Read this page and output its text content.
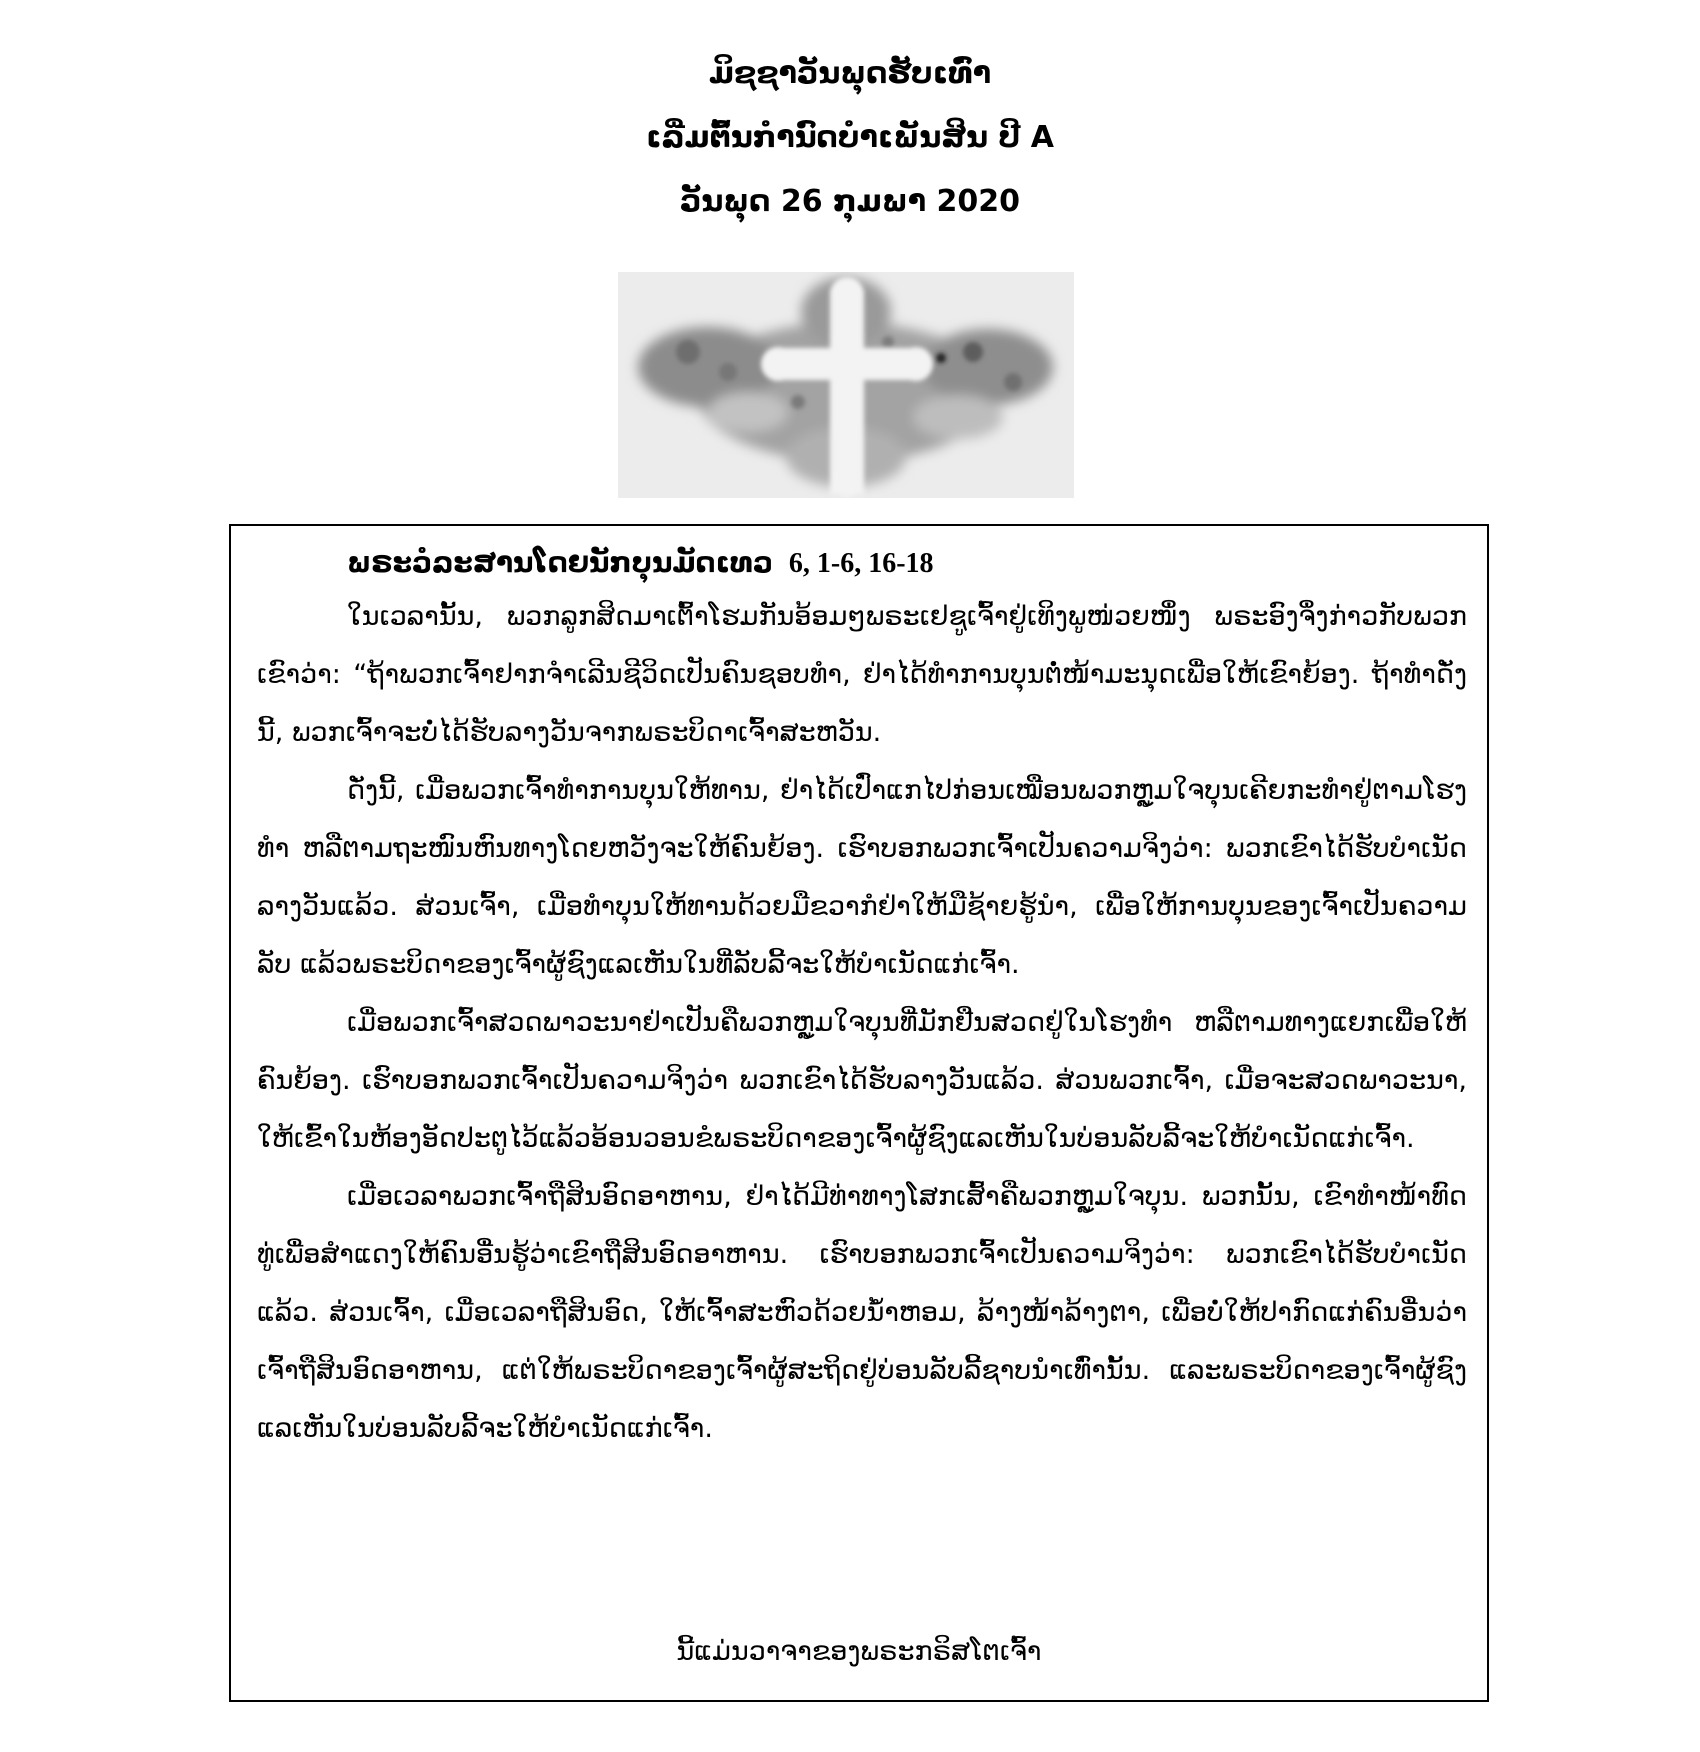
ມິຊຊາວັນພຸດຮັບເທົ່າ
ເລີ່ມຕົ້ນກໍານົດບໍາເພັນສິນ ປີ A
ວັນພຸດ 26 ກຸມພາ 2020
ພຣະວໍລະສານໂດຍນັກບຸນມັດເທວ 6, 1-6, 16-18

ໃນເວລານັ້ນ, ພວກລູກສິດມາເຕົ້າໂຮມກັນອ້ອມໆພຣະເຢຊູເຈົ້າຢູ່ເທິງພູໜ່ວຍໜຶ່ງ ພຣະອົງຈຶ່ງກ່າວກັບພວກເຂົາວ່າ: “ຖ້າພວກເຈົ້າຢາກຈໍາເລີນຊີວິດເປັນຄົນຊອບທໍາ, ຢ່າໄດ້ທໍາການບຸນຕໍ່ໜ້າມະນຸດເພື່ອໃຫ້ເຂົາຍ້ອງ. ຖ້າທໍາດັ່ງນີ້, ພວກເຈົ້າຈະບໍ່ໄດ້ຮັບລາງວັນຈາກພຣະບິດາເຈົ້າສະຫວັນ.

ດັ່ງນີ້, ເມື່ອພວກເຈົ້າທໍາການບຸນໃຫ້ທານ, ຢ່າໄດ້ເປົ່າແກໄປກ່ອນເໝືອນພວກຫຼູມໃຈບຸນເຄີຍກະທໍາຢູ່ຕາມໂຮງທໍາ ຫລືຕາມຖະໜົນຫົນທາງໂດຍຫວັງຈະໃຫ້ຄົນຍ້ອງ. ເຮົາບອກພວກເຈົ້າເປັນຄວາມຈິງວ່າ: ພວກເຂົາໄດ້ຮັບບໍາເນັດລາງວັນແລ້ວ. ສ່ວນເຈົ້າ, ເມື່ອທໍາບຸນໃຫ້ທານດ້ວຍມືຂວາກໍຢ່າໃຫ້ມືຊ້າຍຮູ້ນໍາ, ເພື່ອໃຫ້ການບຸນຂອງເຈົ້າເປັນຄວາມລັບ ແລ້ວພຣະບິດາຂອງເຈົ້າຜູ້ຊົງແລເຫັນໃນທີ່ລັບລີ້ຈະໃຫ້ບໍາເນັດແກ່ເຈົ້າ.

ເມື່ອພວກເຈົ້າສວດພາວະນາຢ່າເປັນຄືພວກຫຼູມໃຈບຸນທີ່ມັກຢືນສວດຢູ່ໃນໂຮງທໍາ ຫລືຕາມທາງແຍກເພື່ອໃຫ້ຄົນຍ້ອງ. ເຮົາບອກພວກເຈົ້າເປັນຄວາມຈິງວ່າ ພວກເຂົາໄດ້ຮັບລາງວັນແລ້ວ. ສ່ວນພວກເຈົ້າ, ເມື່ອຈະສວດພາວະນາ, ໃຫ້ເຂົ້າໃນຫ້ອງອັດປະຕູໄວ້ແລ້ວອ້ອນວອນຂໍພຣະບິດາຂອງເຈົ້າຜູ້ຊົງແລເຫັນໃນບ່ອນລັບລີ້ຈະໃຫ້ບໍາເນັດແກ່ເຈົ້າ.

ເມື່ອເວລາພວກເຈົ້າຖືສິນອົດອາຫານ, ຢ່າໄດ້ມີທ່າທາງໂສກເສົ້າຄືພວກຫຼູມໃຈບຸນ. ພວກນັ້ນ, ເຂົາທໍາໜ້າທົດທູ່ເພື່ອສໍາແດງໃຫ້ຄົນອື່ນຮູ້ວ່າເຂົາຖືສິນອົດອາຫານ. ເຮົາບອກພວກເຈົ້າເປັນຄວາມຈິງວ່າ: ພວກເຂົາໄດ້ຮັບບໍາເນັດແລ້ວ. ສ່ວນເຈົ້າ, ເມື່ອເວລາຖືສິນອົດ, ໃຫ້ເຈົ້າສະຫົວດ້ວຍນໍ້າຫອມ, ລ້າງໜ້າລ້າງຕາ, ເພື່ອບໍ່ໃຫ້ປາກົດແກ່ຄົນອື່ນວ່າເຈົ້າຖືສິນອົດອາຫານ, ແຕ່ໃຫ້ພຣະບິດາຂອງເຈົ້າຜູ້ສະຖິດຢູ່ບ່ອນລັບລີ້ຊາບນໍາເທົ່ານັ້ນ. ແລະພຣະບິດາຂອງເຈົ້າຜູ້ຊົງແລເຫັນໃນບ່ອນລັບລີ້ຈະໃຫ້ບໍາເນັດແກ່ເຈົ້າ.

ນີ້ແມ່ນວາຈາຂອງພຣະກຣິສໂຕເຈົ້າ
